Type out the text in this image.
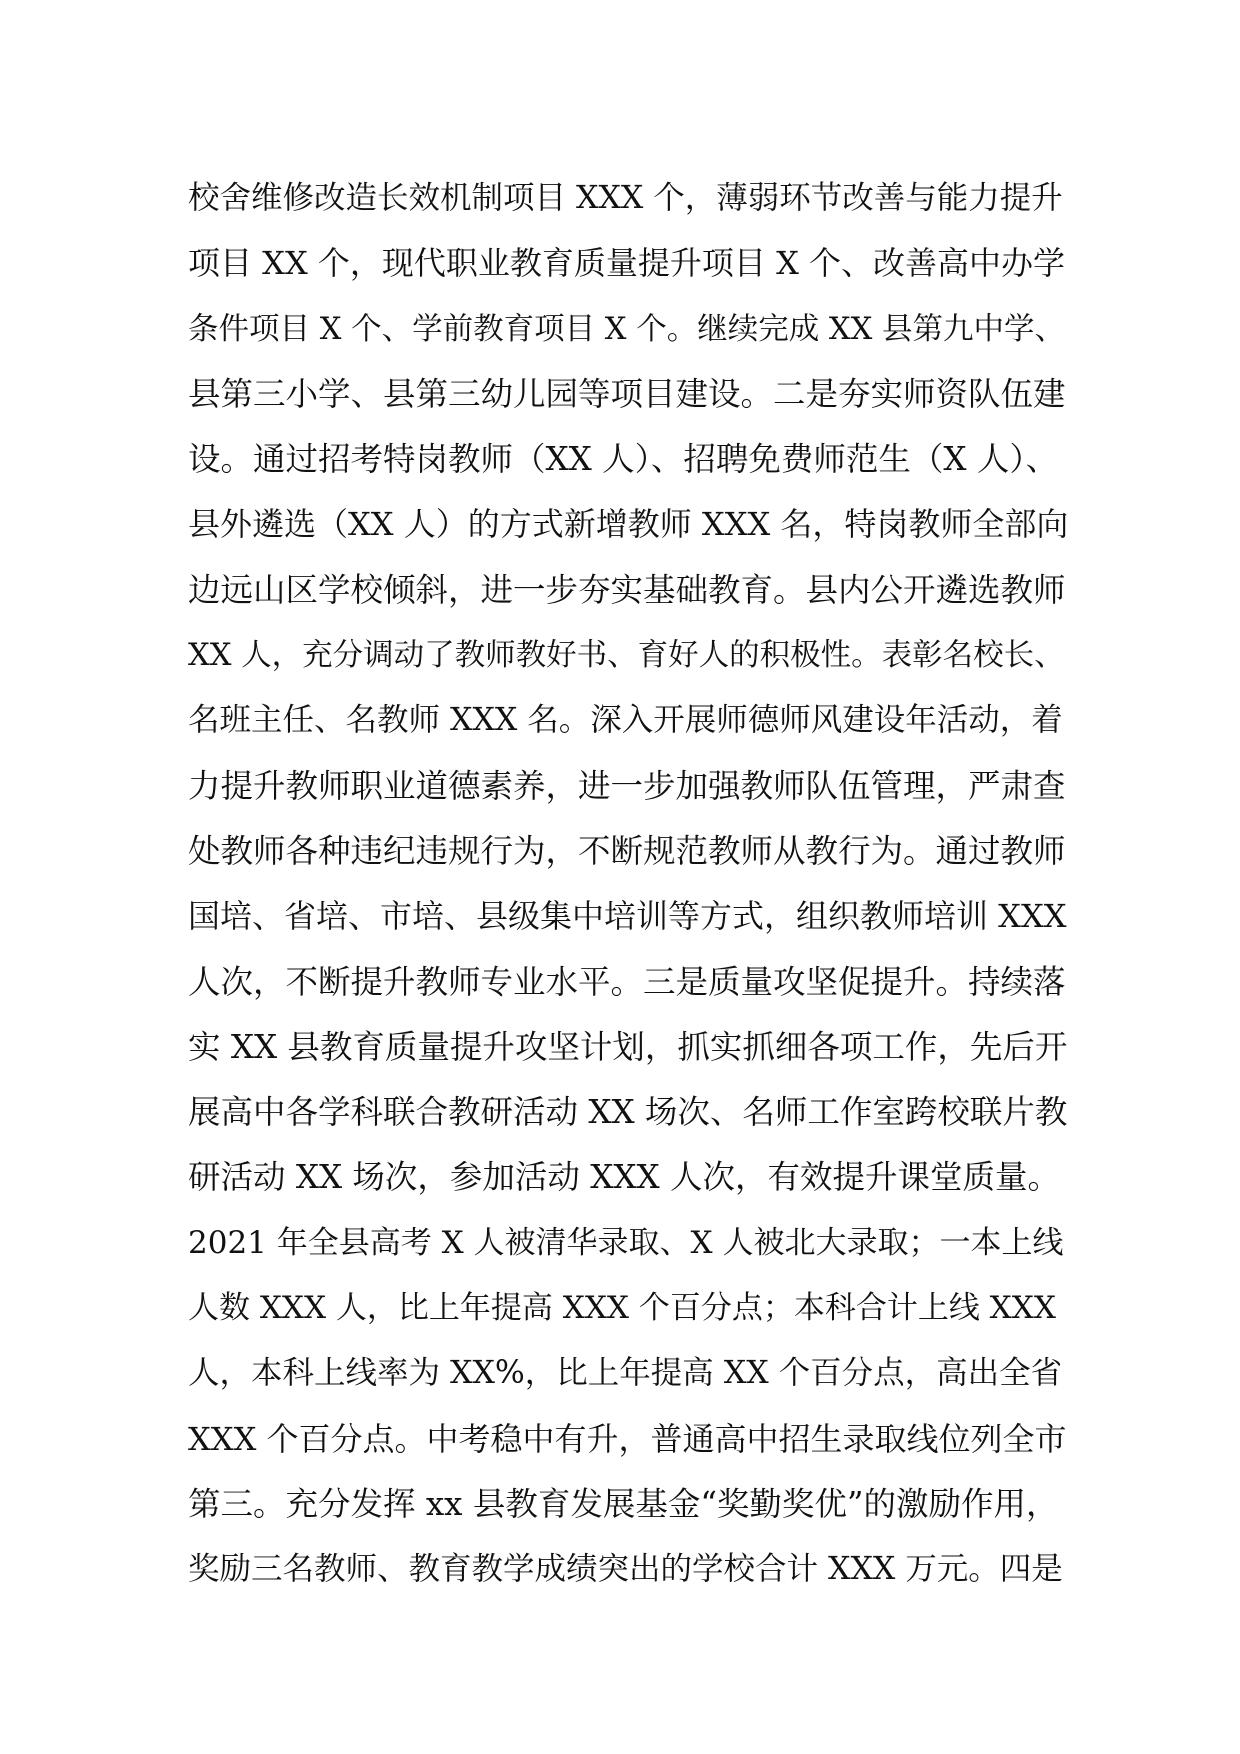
校舍维修改造长效机制项目 XXX 个，薄弱环节改善与能力提升
项目 XX 个，现代职业教育质量提升项目 X 个、改善高中办学
条件项目 X 个、学前教育项目 X 个。继续完成 XX 县第九中学、
县第三小学、县第三幼儿园等项目建设。二是夯实师资队伍建
设。通过招考特岗教师（XX 人）、招聘免费师范生（X 人）、
县外遴选（XX 人）的方式新增教师 XXX 名，特岗教师全部向
边远山区学校倾斜，进一步夯实基础教育。县内公开遴选教师
XX 人，充分调动了教师教好书、育好人的积极性。表彰名校长、
名班主任、名教师 XXX 名。深入开展师德师风建设年活动，着
力提升教师职业道德素养，进一步加强教师队伍管理，严肃查
处教师各种违纪违规行为，不断规范教师从教行为。通过教师
国培、省培、市培、县级集中培训等方式，组织教师培训 XXX
人次，不断提升教师专业水平。三是质量攻坚促提升。持续落
实 XX 县教育质量提升攻坚计划，抓实抓细各项工作，先后开
展高中各学科联合教研活动 XX 场次、名师工作室跨校联片教
研活动 XX 场次，参加活动 XXX 人次，有效提升课堂质量。
2021 年全县高考 X 人被清华录取、X 人被北大录取；一本上线
人数 XXX 人，比上年提高 XXX 个百分点；本科合计上线 XXX
人，本科上线率为 XX%，比上年提高 XX 个百分点，高出全省
XXX 个百分点。中考稳中有升，普通高中招生录取线位列全市
第三。充分发挥 xx 县教育发展基金“奖勤奖优”的激励作用，
奖励三名教师、教育教学成绩突出的学校合计 XXX 万元。四是
